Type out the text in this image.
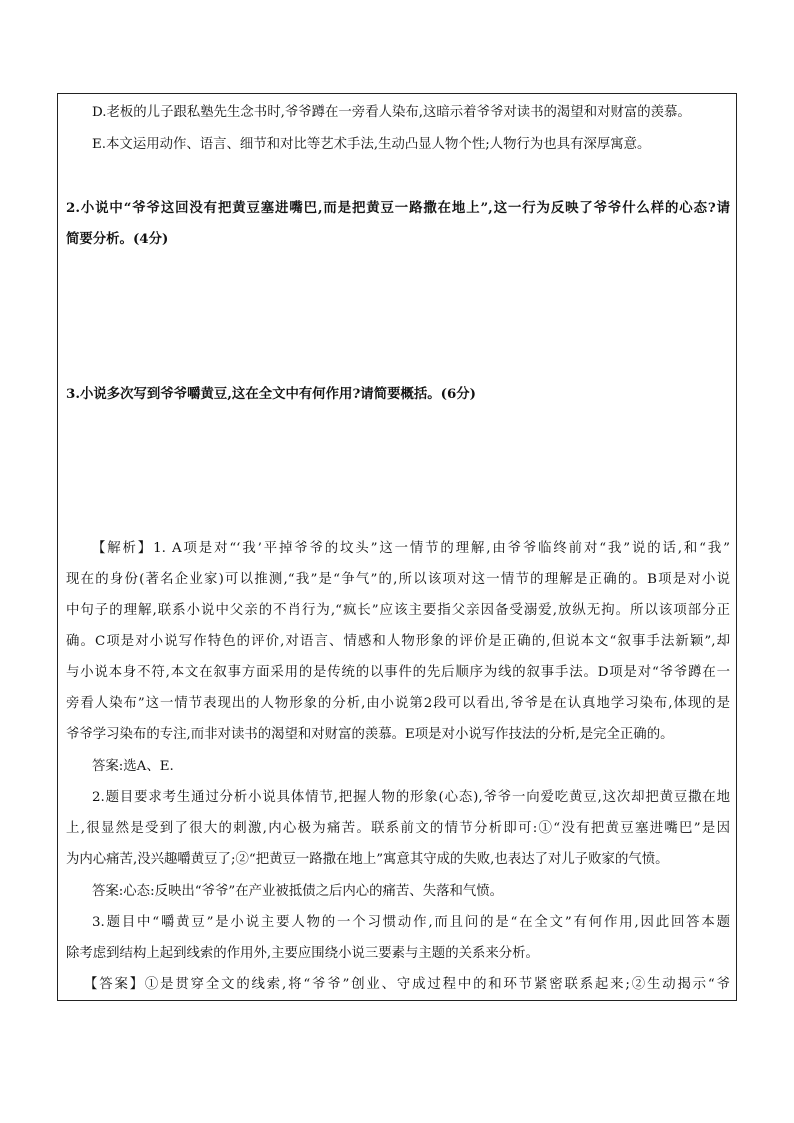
D.老板的儿子跟私塾先生念书时,爷爷蹲在一旁看人染布,这暗示着爷爷对读书的渴望和对财富的羡慕。
E.本文运用动作、语言、细节和对比等艺术手法,生动凸显人物个性;人物行为也具有深厚寓意。
2.小说中“爷爷这回没有把黄豆塞进嘴巴,而是把黄豆一路撒在地上”,这一行为反映了爷爷什么样的心态?请
简要分析。(4分)
3.小说多次写到爷爷嚼黄豆,这在全文中有何作用?请简要概括。(6分)
【解析】1. A项是对“‘我’平掉爷爷的坟头”这一情节的理解,由爷爷临终前对“我”说的话,和“我”
现在的身份(著名企业家)可以推测,“我”是“争气”的,所以该项对这一情节的理解是正确的。B项是对小说
中句子的理解,联系小说中父亲的不肖行为,“疯长”应该主要指父亲因备受溺爱,放纵无拘。所以该项部分正
确。C项是对小说写作特色的评价,对语言、情感和人物形象的评价是正确的,但说本文“叙事手法新颖”,却
与小说本身不符,本文在叙事方面采用的是传统的以事件的先后顺序为线的叙事手法。D项是对“爷爷蹲在一
旁看人染布”这一情节表现出的人物形象的分析,由小说第2段可以看出,爷爷是在认真地学习染布,体现的是
爷爷学习染布的专注,而非对读书的渴望和对财富的羡慕。E项是对小说写作技法的分析,是完全正确的。
答案:选A、E.
2.题目要求考生通过分析小说具体情节,把握人物的形象(心态),爷爷一向爱吃黄豆,这次却把黄豆撒在地
上,很显然是受到了很大的刺激,内心极为痛苦。联系前文的情节分析即可:①“没有把黄豆塞进嘴巴”是因
为内心痛苦,没兴趣嚼黄豆了;②“把黄豆一路撒在地上”寓意其守成的失败,也表达了对儿子败家的气愤。
答案:心态:反映出“爷爷”在产业被抵债之后内心的痛苦、失落和气愤。
3.题目中“嚼黄豆”是小说主要人物的一个习惯动作,而且问的是“在全文”有何作用,因此回答本题
除考虑到结构上起到线索的作用外,主要应围绕小说三要素与主题的关系来分析。
【答案】①是贯穿全文的线索,将“爷爷”创业、守成过程中的和环节紧密联系起来;②生动揭示“爷
